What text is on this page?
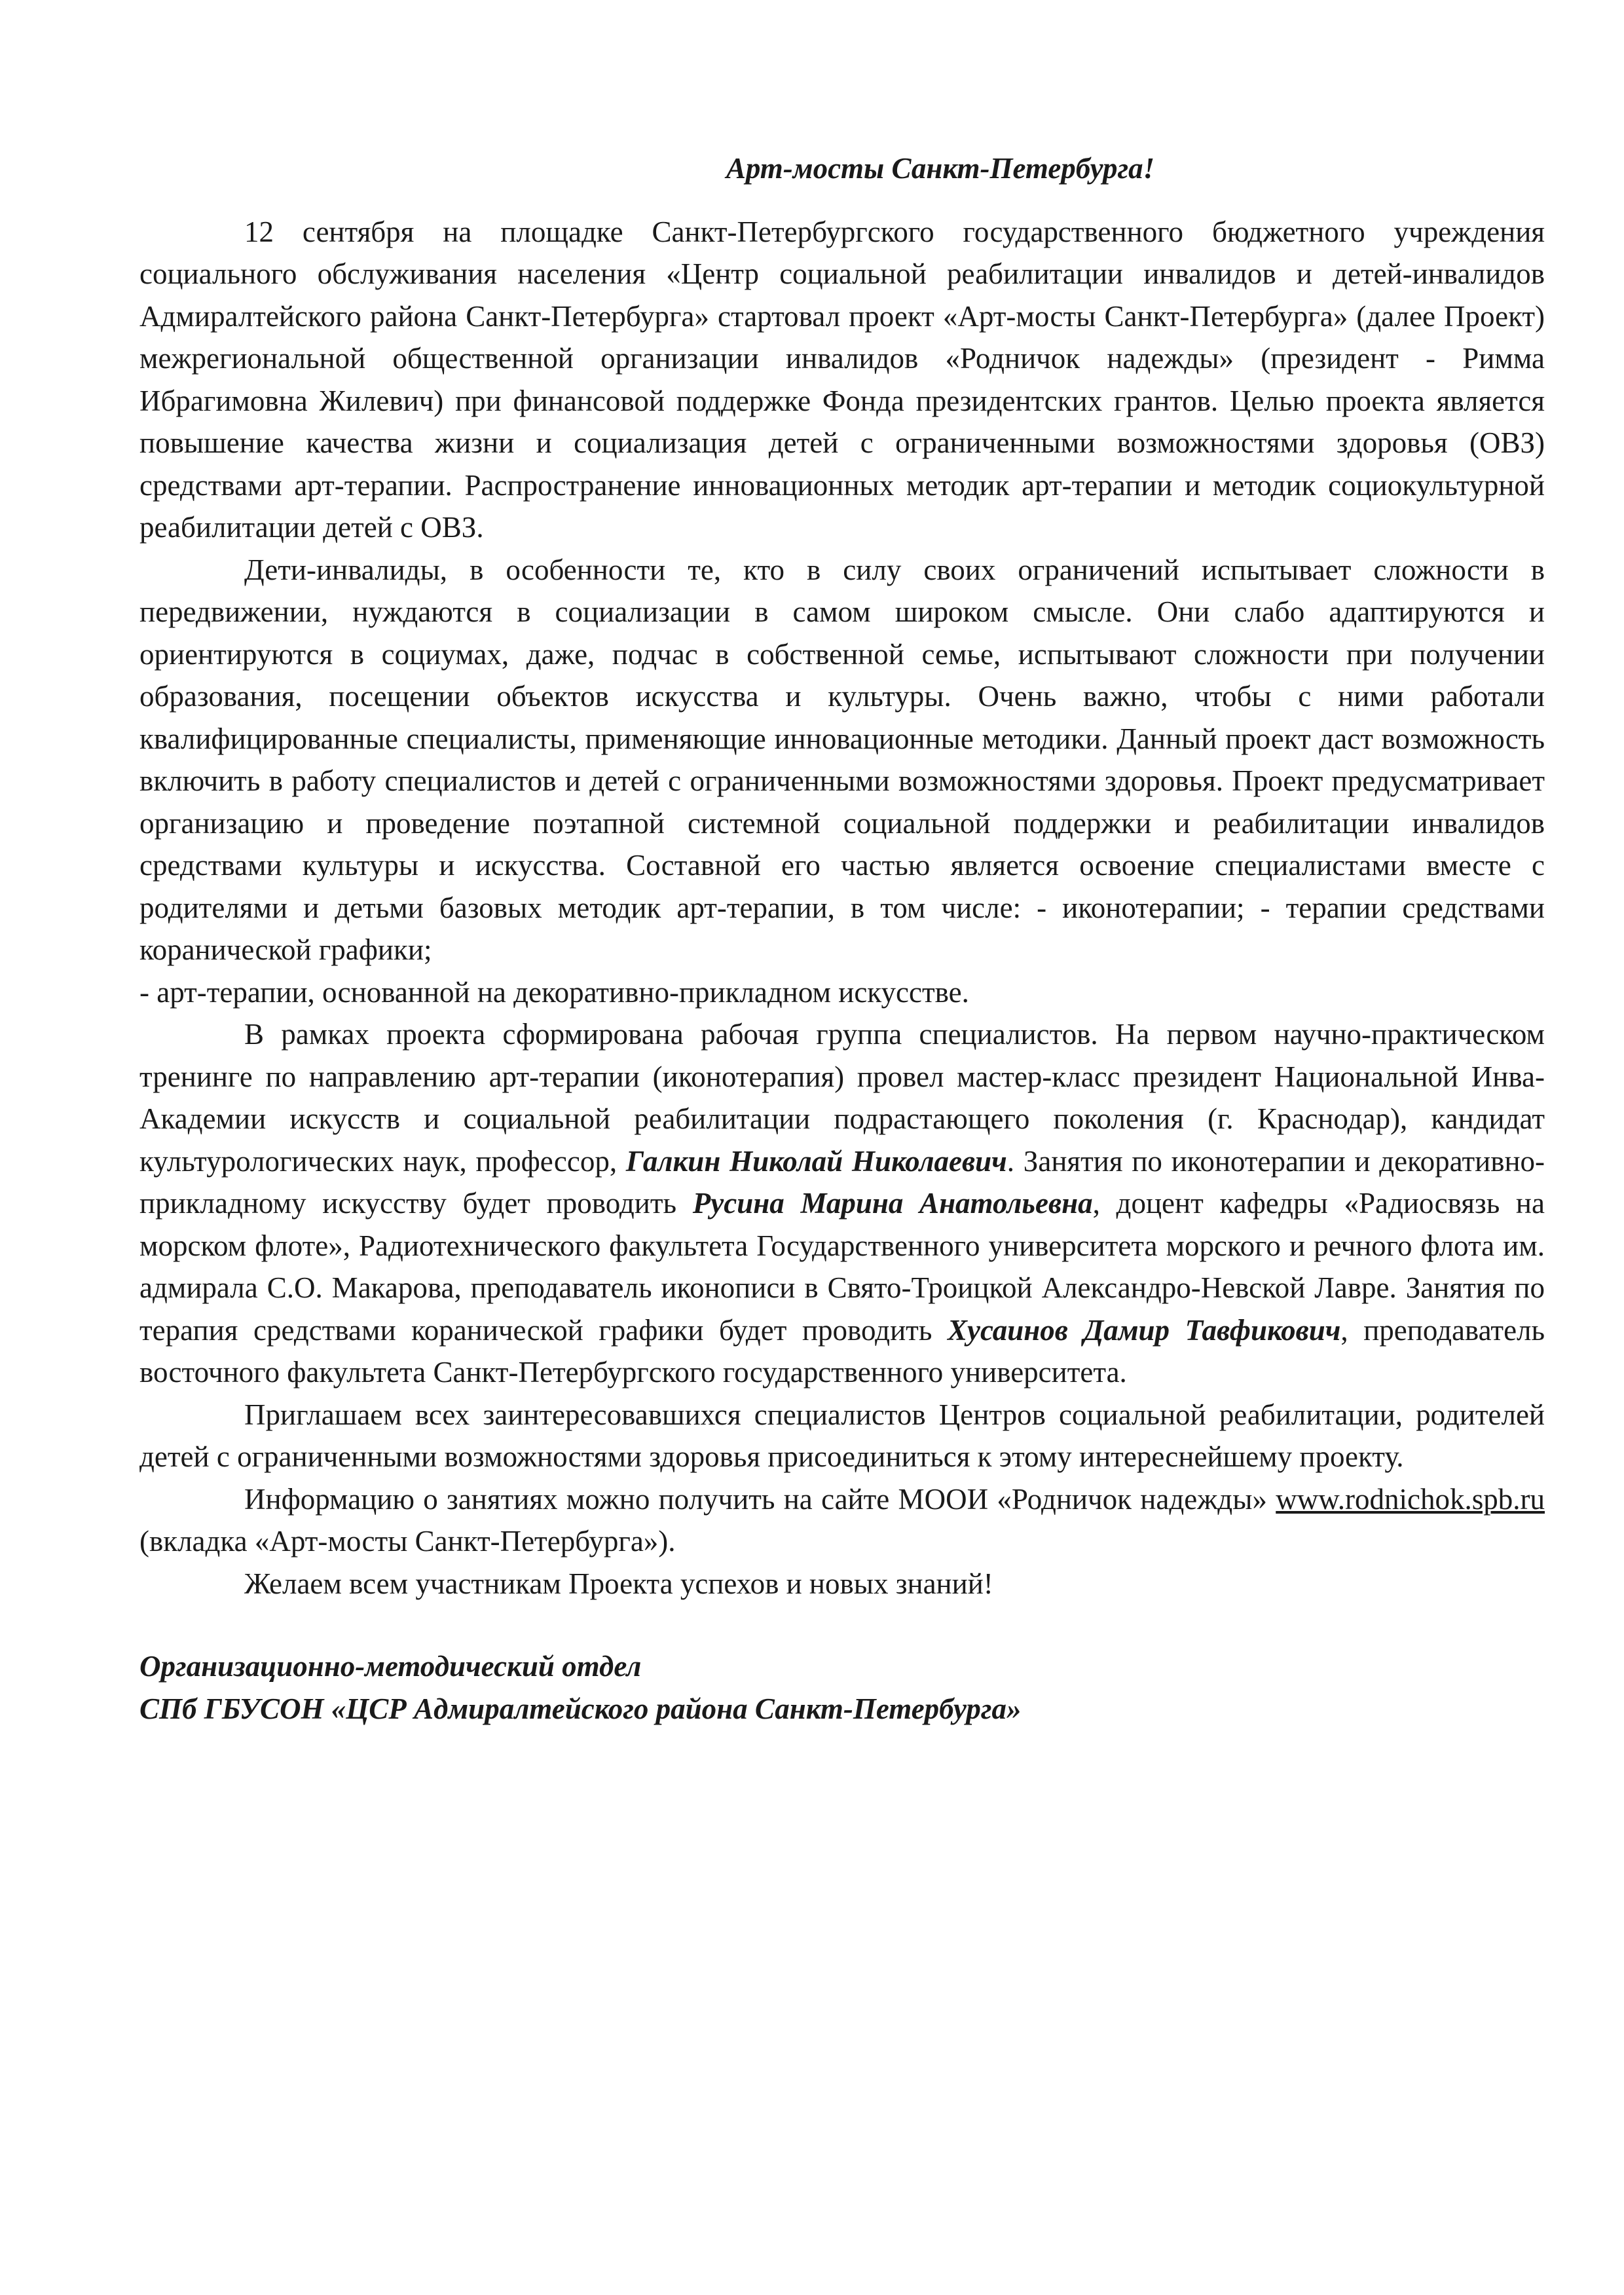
Арт-мосты Санкт-Петербурга!

12 сентября на площадке Санкт-Петербургского государственного бюджетного учреждения социального обслуживания населения «Центр социальной реабилитации инвалидов и детей-инвалидов Адмиралтейского района Санкт-Петербурга» стартовал проект «Арт-мосты Санкт-Петербурга» (далее Проект) межрегиональной общественной организации инвалидов «Родничок надежды» (президент - Римма Ибрагимовна Жилевич) при финансовой поддержке Фонда президентских грантов. Целью проекта является повышение качества жизни и социализация детей с ограниченными возможностями здоровья (ОВЗ) средствами арт-терапии. Распространение инновационных методик арт-терапии и методик социокультурной реабилитации детей с ОВЗ.

Дети-инвалиды, в особенности те, кто в силу своих ограничений испытывает сложности в передвижении, нуждаются в социализации в самом широком смысле. Они слабо адаптируются и ориентируются в социумах, даже, подчас в собственной семье, испытывают сложности при получении образования, посещении объектов искусства и культуры. Очень важно, чтобы с ними работали квалифицированные специалисты, применяющие инновационные методики. Данный проект даст возможность включить в работу специалистов и детей с ограниченными возможностями здоровья. Проект предусматривает организацию и проведение поэтапной системной социальной поддержки и реабилитации инвалидов средствами культуры и искусства. Составной его частью является освоение специалистами вместе с родителями и детьми базовых методик арт-терапии, в том числе: - иконотерапии; - терапии средствами коранической графики;

- арт-терапии, основанной на декоративно-прикладном искусстве.

В рамках проекта сформирована рабочая группа специалистов. На первом научно-практическом тренинге по направлению арт-терапии (иконотерапия) провел мастер-класс президент Национальной Инва-Академии искусств и социальной реабилитации подрастающего поколения (г. Краснодар), кандидат культурологических наук, профессор, Галкин Николай Николаевич. Занятия по иконотерапии и декоративно-прикладному искусству будет проводить Русина Марина Анатольевна, доцент кафедры «Радиосвязь на морском флоте», Радиотехнического факультета Государственного университета морского и речного флота им. адмирала С.О. Макарова, преподаватель иконописи в Свято-Троицкой Александро-Невской Лавре. Занятия по терапия средствами коранической графики будет проводить Хусаинов Дамир Тавфикович, преподаватель восточного факультета Санкт-Петербургского государственного университета.

Приглашаем всех заинтересовавшихся специалистов Центров социальной реабилитации, родителей детей с ограниченными возможностями здоровья присоединиться к этому интереснейшему проекту.

Информацию о занятиях можно получить на сайте МООИ «Родничок надежды» www.rodnichok.spb.ru (вкладка «Арт-мосты Санкт-Петербурга»).

Желаем всем участникам Проекта успехов и новых знаний!

Организационно-методический отдел
СПб ГБУСОН «ЦСР Адмиралтейского района Санкт-Петербурга»
